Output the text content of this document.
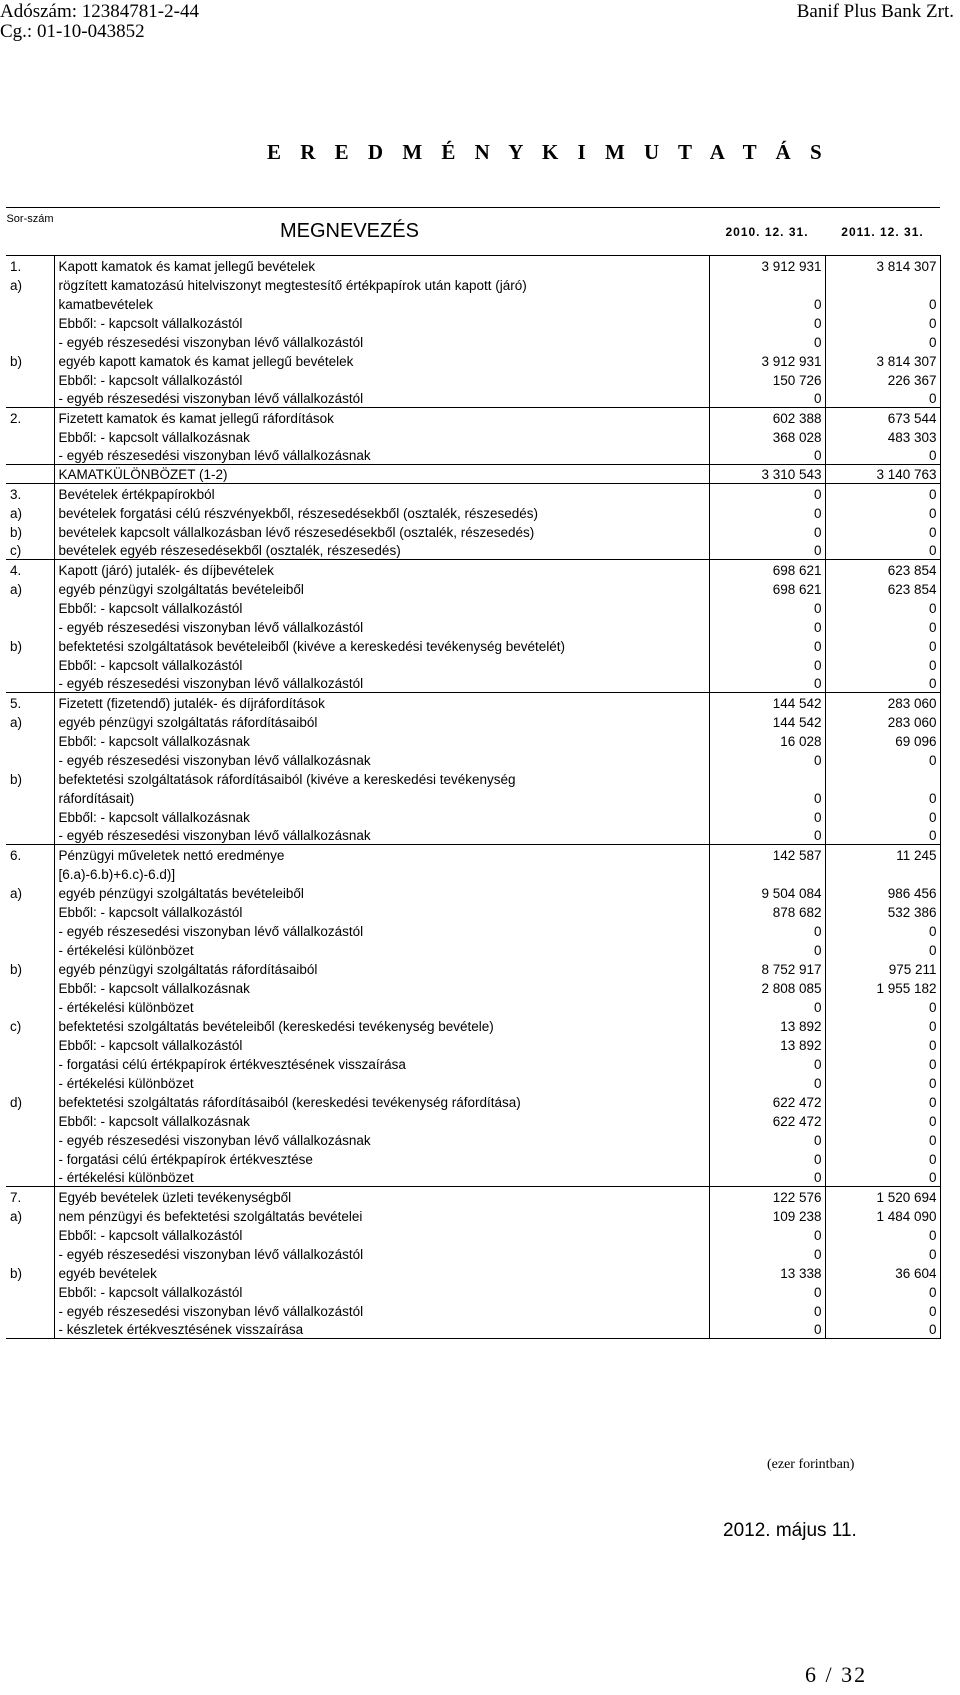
Adószám: 12384781-2-44
Cg.: 01-10-043852
Banif Plus Bank Zrt.
E R E D M É N Y K I M U T A T Á S
Sor-szám	MEGNEVEZÉS	2010. 12. 31.	2011. 12. 31.
1.	Kapott kamatok és kamat jellegű bevételek	3 912 931	3 814 307
a)	rögzített kamatozású hitelviszonyt megtestesítő értékpapírok után kapott (járó)		
	kamatbevételek	0	0
	Ebből: - kapcsolt vállalkozástól	0	0
	- egyéb részesedési viszonyban lévő vállalkozástól	0	0
b)	egyéb kapott kamatok és kamat jellegű bevételek	3 912 931	3 814 307
	Ebből: - kapcsolt vállalkozástól	150 726	226 367
	- egyéb részesedési viszonyban lévő vállalkozástól	0	0
2.	Fizetett kamatok és kamat jellegű ráfordítások	602 388	673 544
	Ebből: - kapcsolt vállalkozásnak	368 028	483 303
	- egyéb részesedési viszonyban lévő vállalkozásnak	0	0
	KAMATKÜLÖNBÖZET (1-2)	3 310 543	3 140 763
3.	Bevételek értékpapírokból	0	0
a)	bevételek forgatási célú részvényekből, részesedésekből (osztalék, részesedés)	0	0
b)	bevételek kapcsolt vállalkozásban lévő részesedésekből (osztalék, részesedés)	0	0
c)	bevételek egyéb részesedésekből (osztalék, részesedés)	0	0
4.	Kapott (járó) jutalék- és díjbevételek	698 621	623 854
a)	egyéb pénzügyi szolgáltatás bevételeiből	698 621	623 854
	Ebből: - kapcsolt vállalkozástól	0	0
	- egyéb részesedési viszonyban lévő vállalkozástól	0	0
b)	befektetési szolgáltatások bevételeiből (kivéve a kereskedési tevékenység bevételét)	0	0
	Ebből: - kapcsolt vállalkozástól	0	0
	- egyéb részesedési viszonyban lévő vállalkozástól	0	0
5.	Fizetett (fizetendő) jutalék- és díjráfordítások	144 542	283 060
a)	egyéb pénzügyi szolgáltatás ráfordításaiból	144 542	283 060
	Ebből: - kapcsolt vállalkozásnak	16 028	69 096
	- egyéb részesedési viszonyban lévő vállalkozásnak	0	0
b)	befektetési szolgáltatások ráfordításaiból (kivéve a kereskedési tevékenység		
	ráfordításait)	0	0
	Ebből: - kapcsolt vállalkozásnak	0	0
	- egyéb részesedési viszonyban lévő vállalkozásnak	0	0
6.	Pénzügyi műveletek nettó eredménye	142 587	11 245
	[6.a)-6.b)+6.c)-6.d)]		
a)	egyéb pénzügyi szolgáltatás bevételeiből	9 504 084	986 456
	Ebből: - kapcsolt vállalkozástól	878 682	532 386
	- egyéb részesedési viszonyban lévő vállalkozástól	0	0
	- értékelési különbözet	0	0
b)	egyéb pénzügyi szolgáltatás ráfordításaiból	8 752 917	975 211
	Ebből: - kapcsolt vállalkozásnak	2 808 085	1 955 182
	- értékelési különbözet	0	0
c)	befektetési szolgáltatás bevételeiből (kereskedési tevékenység bevétele)	13 892	0
	Ebből: - kapcsolt vállalkozástól	13 892	0
	- forgatási célú értékpapírok értékvesztésének visszaírása	0	0
	- értékelési különbözet	0	0
d)	befektetési szolgáltatás ráfordításaiból (kereskedési tevékenység ráfordítása)	622 472	0
	Ebből: - kapcsolt vállalkozásnak	622 472	0
	- egyéb részesedési viszonyban lévő vállalkozásnak	0	0
	- forgatási célú értékpapírok értékvesztése	0	0
	- értékelési különbözet	0	0
7.	Egyéb bevételek üzleti tevékenységből	122 576	1 520 694
a)	nem pénzügyi és befektetési szolgáltatás bevételei	109 238	1 484 090
	Ebből: - kapcsolt vállalkozástól	0	0
	- egyéb részesedési viszonyban lévő vállalkozástól	0	0
b)	egyéb bevételek	13 338	36 604
	Ebből: - kapcsolt vállalkozástól	0	0
	- egyéb részesedési viszonyban lévő vállalkozástól	0	0
	- készletek értékvesztésének visszaírása	0	0
(ezer forintban)
2012. május 11.
6 / 32
